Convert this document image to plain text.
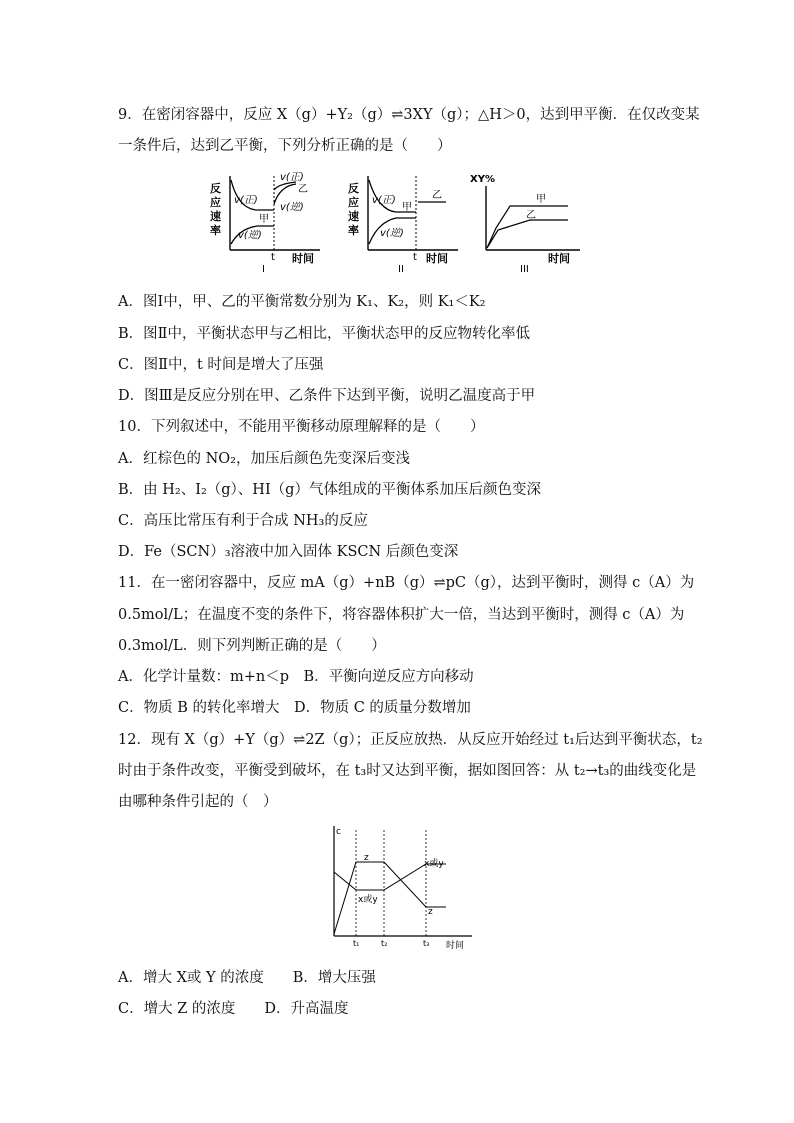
9．在密闭容器中，反应 X（g）+Y₂（g）⇌3XY（g）；△H＞0，达到甲平衡．在仅改变某
一条件后，达到乙平衡，下列分析正确的是（　　）
反
应
速
率
v(正)
甲
v(逆)
v(正)
乙
v(逆)
t 时间
I
反
应
速
率
v(正)
甲
v(逆)
乙
t 时间
II
XY%
甲
乙
时间
III
A．图Ⅰ中，甲、乙的平衡常数分别为 K₁、K₂，则 K₁＜K₂
B．图Ⅱ中，平衡状态甲与乙相比，平衡状态甲的反应物转化率低
C．图Ⅱ中，t 时间是增大了压强
D．图Ⅲ是反应分别在甲、乙条件下达到平衡，说明乙温度高于甲
10．下列叙述中，不能用平衡移动原理解释的是（　　）
A．红棕色的 NO₂，加压后颜色先变深后变浅
B．由 H₂、I₂（g）、HI（g）气体组成的平衡体系加压后颜色变深
C．高压比常压有利于合成 NH₃的反应
D．Fe（SCN）₃溶液中加入固体 KSCN 后颜色变深
11．在一密闭容器中，反应 mA（g）+nB（g）⇌pC（g），达到平衡时，测得 c（A）为
0.5mol/L；在温度不变的条件下，将容器体积扩大一倍，当达到平衡时，测得 c（A）为
0.3mol/L．则下列判断正确的是（　　）
A．化学计量数：m+n＜p　B．平衡向逆反应方向移动
C．物质 B 的转化率增大　D．物质 C 的质量分数增加
12．现有 X（g）+Y（g）⇌2Z（g）；正反应放热．从反应开始经过 t₁后达到平衡状态，t₂
时由于条件改变，平衡受到破坏，在 t₃时又达到平衡，据如图回答：从 t₂→t₃的曲线变化是
由哪种条件引起的（　）
c
z
x或y
x或y
z
t₁	t₂	t₃ 时间
A．增大 X或 Y 的浓度　　B．增大压强
C．增大 Z 的浓度　　D．升高温度
